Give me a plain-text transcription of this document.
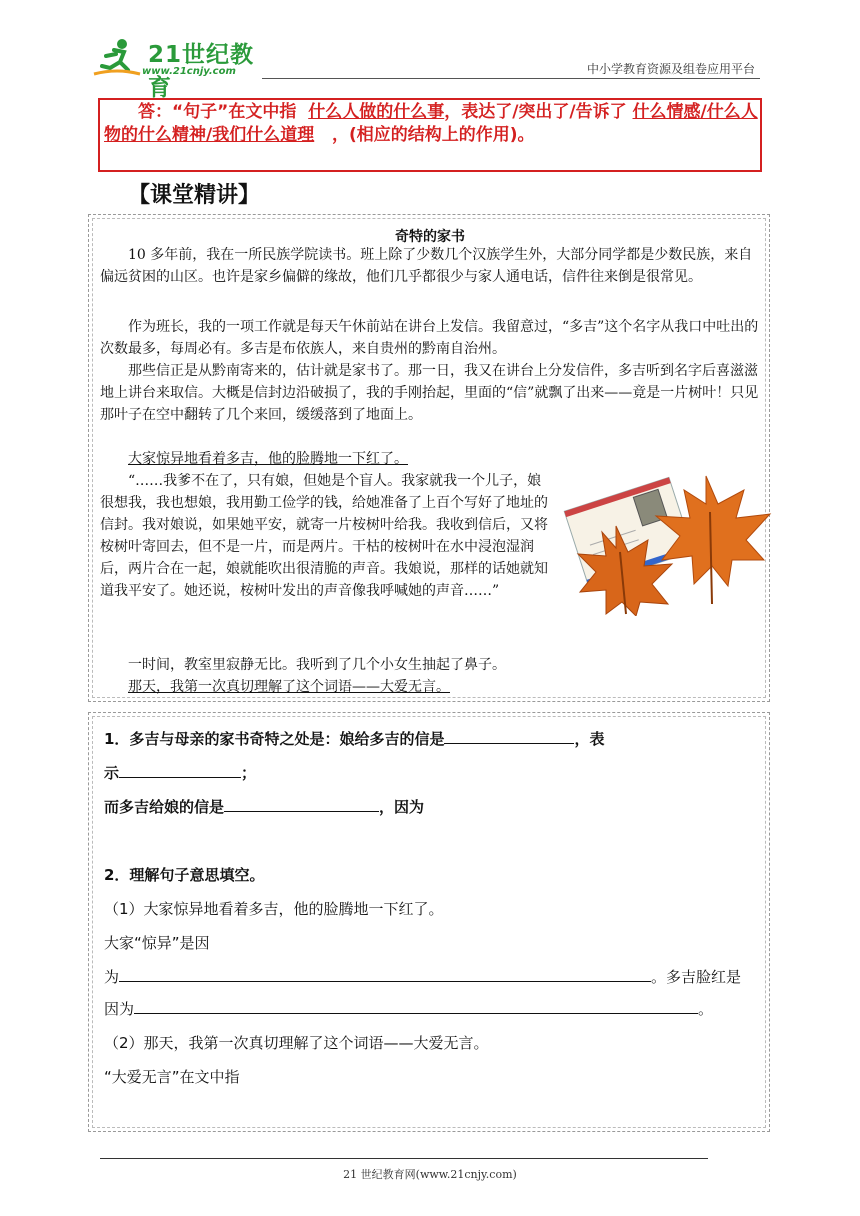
21世纪教育
www.21cnjy.com	中小学教育资源及组卷应用平台
答：“句子”在文中指 什么人做的什么事，表达了/突出了/告诉了 什么情感/什么人物的什么精神/我们什么道理 ，(相应的结构上的作用)。
【课堂精讲】
奇特的家书
10 多年前，我在一所民族学院读书。班上除了少数几个汉族学生外，大部分同学都是少数民族，来自偏远贫困的山区。也许是家乡偏僻的缘故，他们几乎都很少与家人通电话，信件往来倒是很常见。
作为班长，我的一项工作就是每天午休前站在讲台上发信。我留意过，“多吉”这个名字从我口中吐出的次数最多，每周必有。多吉是布依族人，来自贵州的黔南自治州。
那些信正是从黔南寄来的，估计就是家书了。那一日，我又在讲台上分发信件，多吉听到名字后喜滋滋地上讲台来取信。大概是信封边沿破损了，我的手刚抬起，里面的“信”就飘了出来——竟是一片树叶！只见那叶子在空中翻转了几个来回，缓缓落到了地面上。
大家惊异地看着多吉，他的脸腾地一下红了。
“……我爹不在了，只有娘，但她是个盲人。我家就我一个儿子，娘很想我，我也想娘，我用勤工俭学的钱，给她准备了上百个写好了地址的信封。我对娘说，如果她平安，就寄一片桉树叶给我。我收到信后，又将桉树叶寄回去，但不是一片，而是两片。干枯的桉树叶在水中浸泡湿润后，两片合在一起，娘就能吹出很清脆的声音。我娘说，那样的话她就知道我平安了。她还说，桉树叶发出的声音像我呼喊她的声音……”
一时间，教室里寂静无比。我听到了几个小女生抽起了鼻子。
那天，我第一次真切理解了这个词语——大爱无言。
1．多吉与母亲的家书奇特之处是：娘给多吉的信是	，表
示	；
而多吉给娘的信是	，因为
2．理解句子意思填空。
（1）大家惊异地看着多吉，他的脸腾地一下红了。
大家“惊异”是因
为	。多吉脸红是
因为	。
（2）那天，我第一次真切理解了这个词语——大爱无言。
“大爱无言”在文中指
21 世纪教育网(www.21cnjy.com)
